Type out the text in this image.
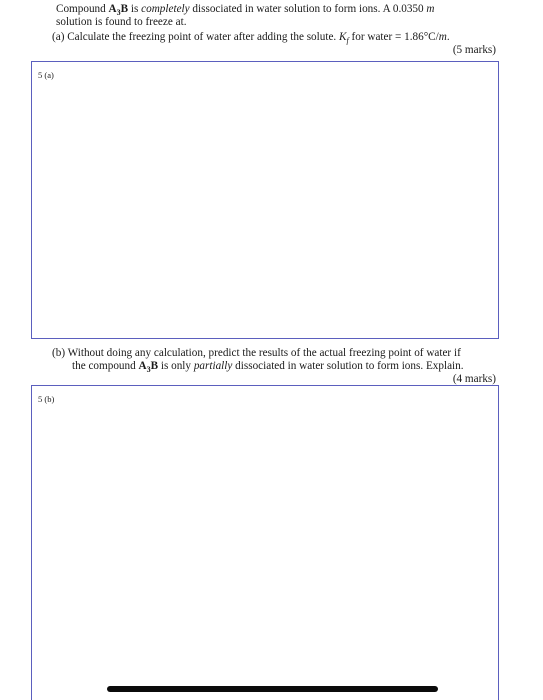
Compound $A_3B$ is completely dissociated in water solution to form ions. A 0.0350 m
solution is found to freeze at.
(a) Calculate the freezing point of water after adding the solute. $K_f$ for water = 1.86°C/m.
(5 marks)
5 (a)
(b) Without doing any calculation, predict the results of the actual freezing point of water if
the compound $A_3B$ is only partially dissociated in water solution to form ions. Explain.
(4 marks)
5 (b)
